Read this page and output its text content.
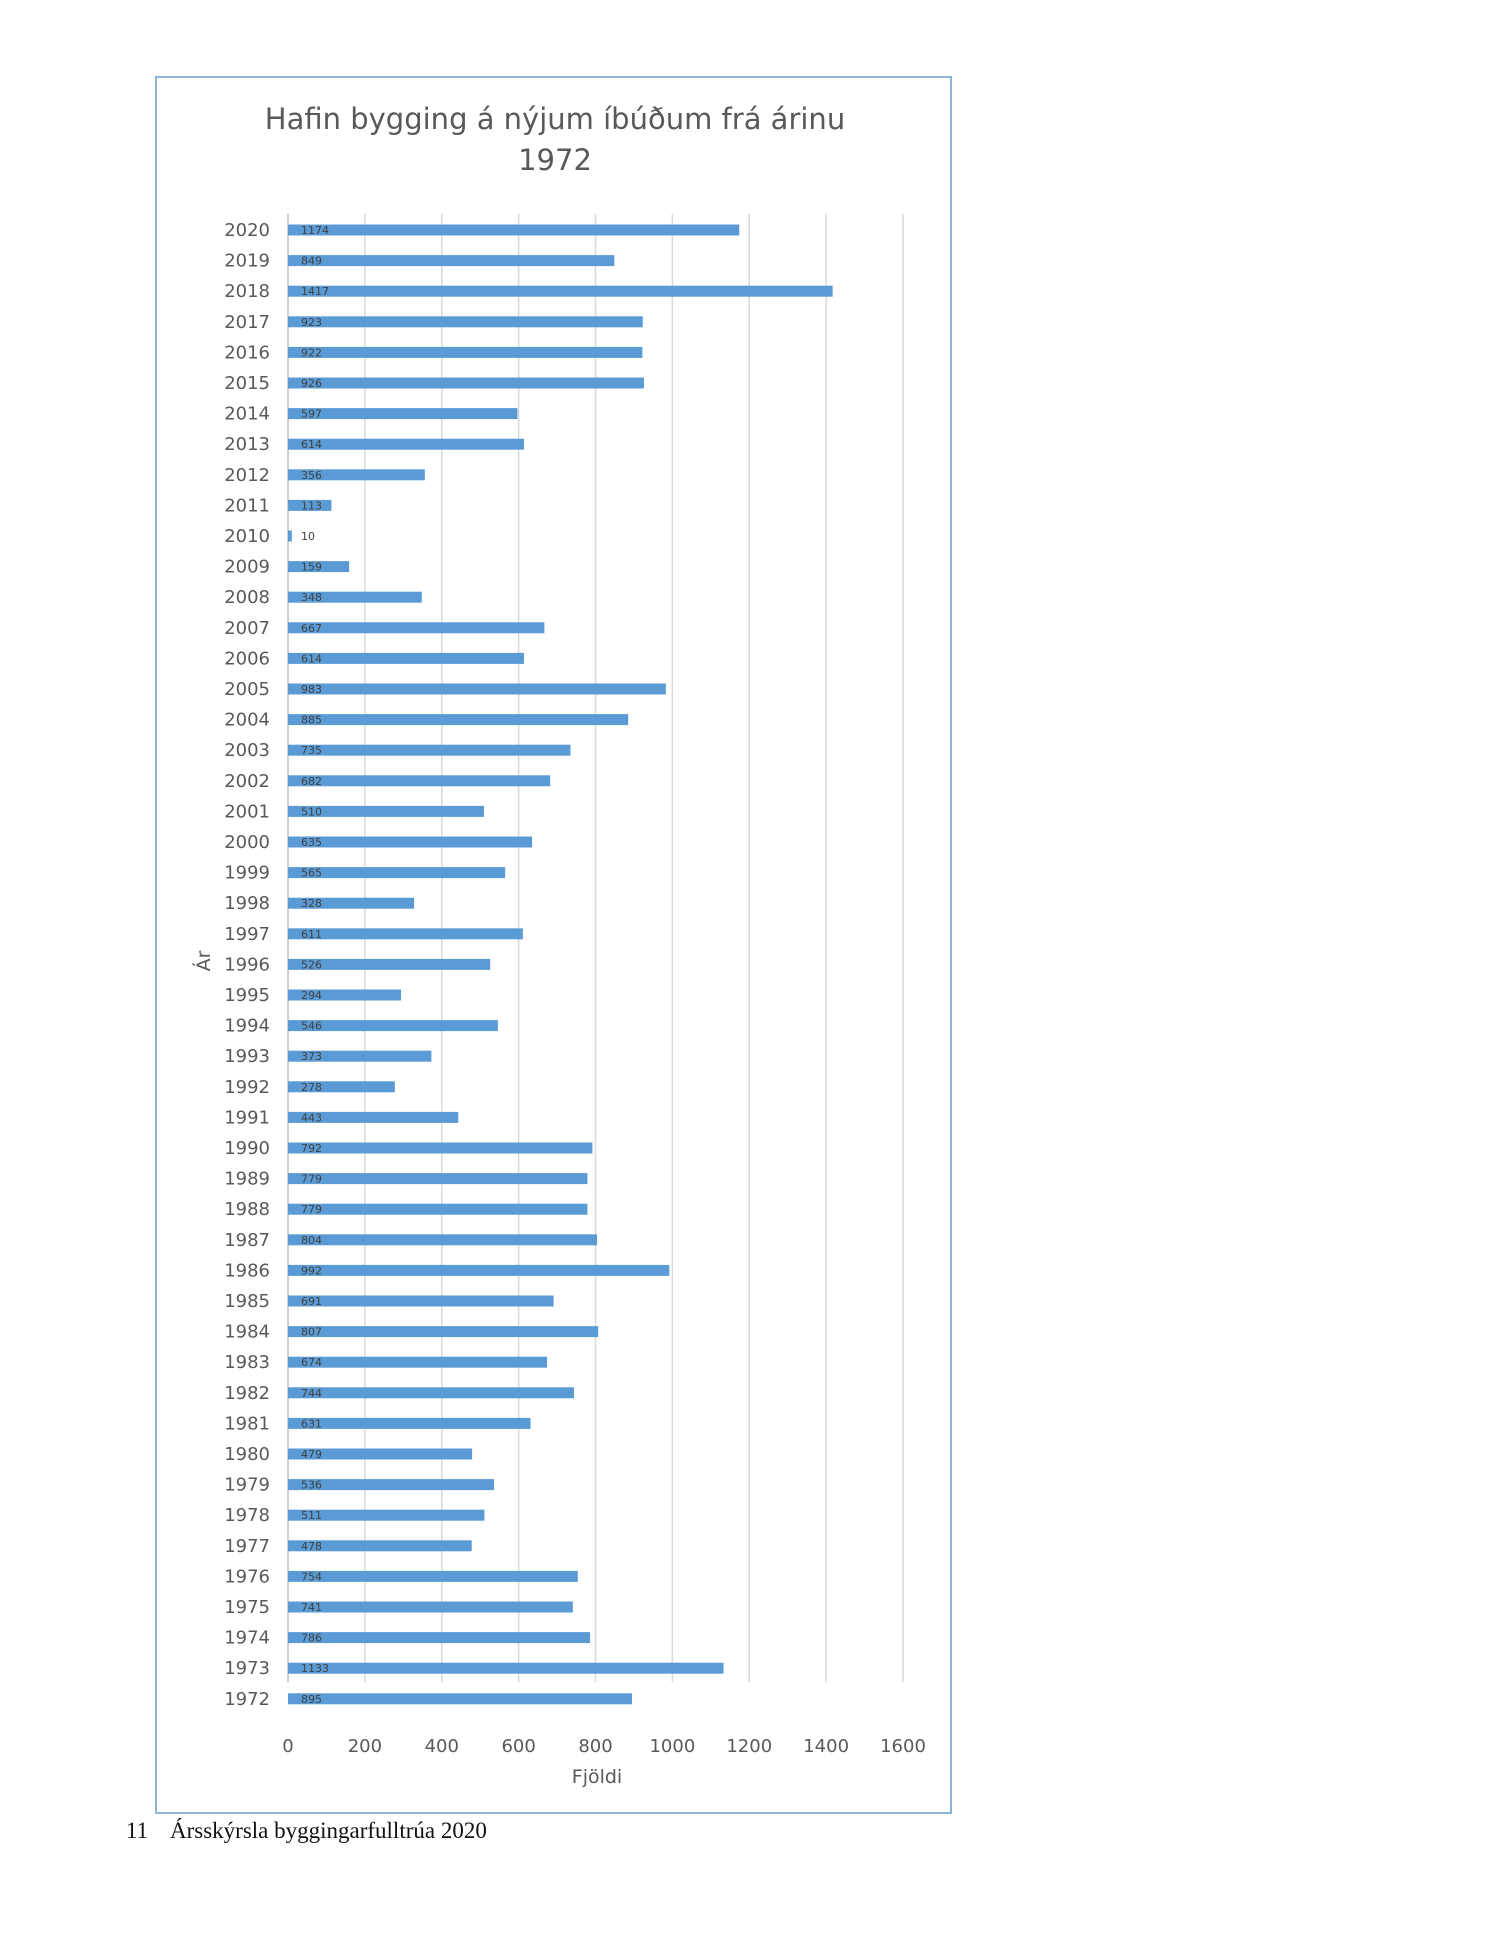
Hafin bygging á nýjum íbúðum frá árinu
1972
0	200 400 600 800 1000 1200 1400 1600
Fjöldi
Ár
2020	1174
2019	849
2018	1417
2017	923
2016	922
2015	926
2014	597
2013	614
2012	356
2011	113
2010	10
2009	159
2008	348
2007	667
2006	614
2005	983
2004	885
2003	735
2002	682
2001	510
2000	635
1999	565
1998	328
1997	611
1996	526
1995	294
1994	546
1993	373
1992	278
1991	443
1990	792
1989	779
1988	779
1987	804
1986	992
1985	691
1984	807
1983	674
1982	744
1981	631
1980	479
1979	536
1978	511
1977	478
1976	754
1975	741
1974	786
1973	1133
1972	895
11 Ársskýrsla byggingarfulltrúa 2020
